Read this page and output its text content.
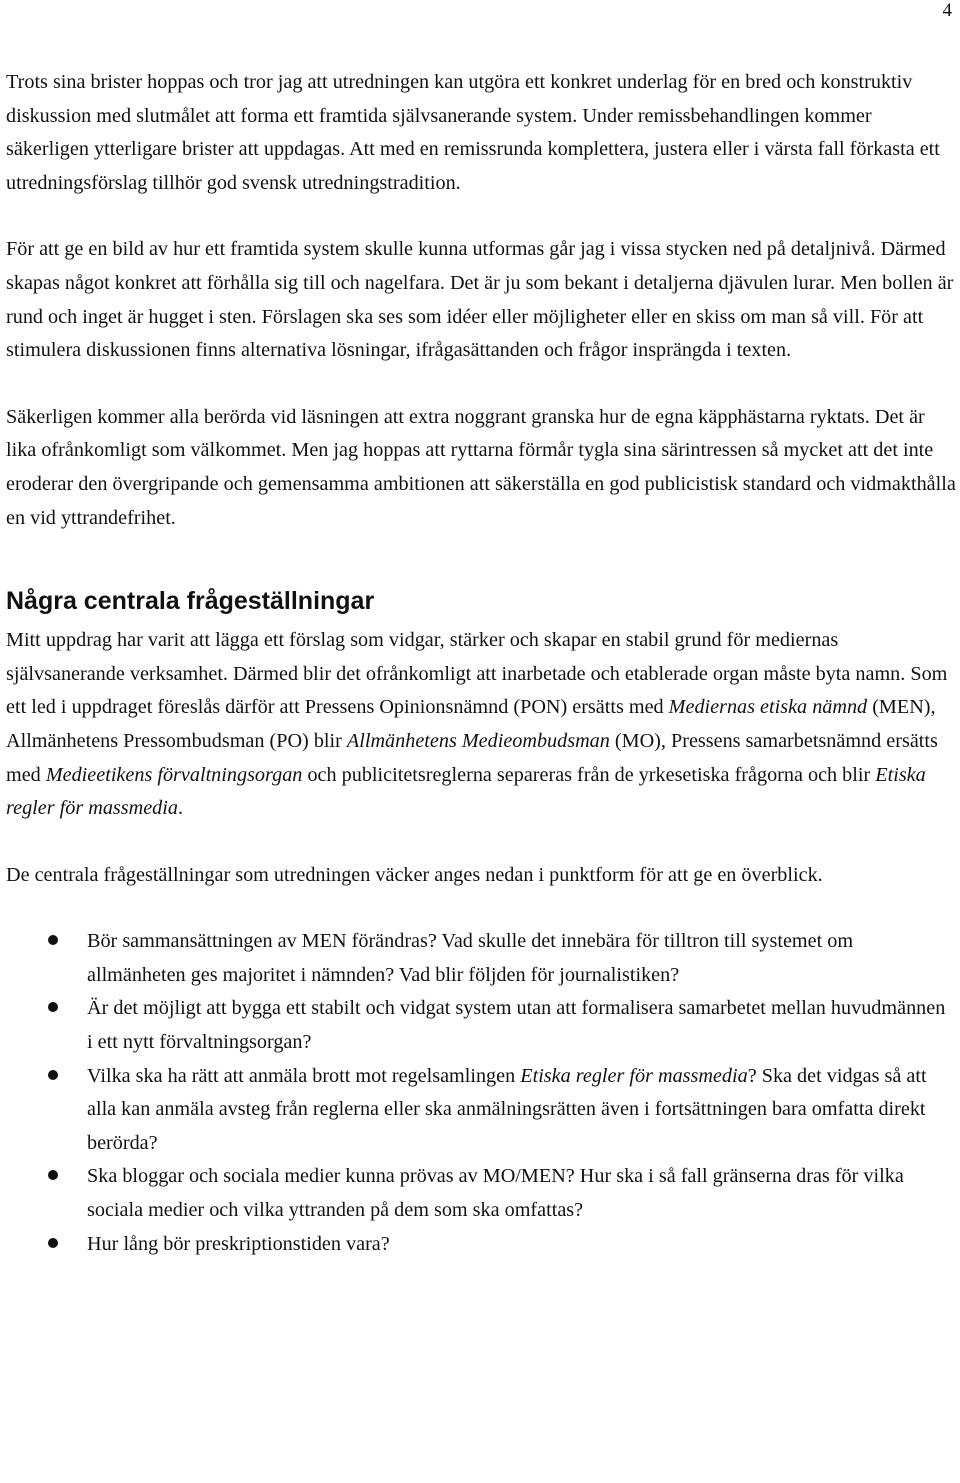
4

Trots sina brister hoppas och tror jag att utredningen kan utgöra ett konkret underlag för en bred och konstruktiv diskussion med slutmålet att forma ett framtida självsanerande system. Under remissbehandlingen kommer säkerligen ytterligare brister att uppdagas. Att med en remissrunda komplettera, justera eller i värsta fall förkasta ett utredningsförslag tillhör god svensk utredningstradition.

För att ge en bild av hur ett framtida system skulle kunna utformas går jag i vissa stycken ned på detaljnivå. Därmed skapas något konkret att förhålla sig till och nagelfara. Det är ju som bekant i detaljerna djävulen lurar. Men bollen är rund och inget är hugget i sten. Förslagen ska ses som idéer eller möjligheter eller en skiss om man så vill. För att stimulera diskussionen finns alternativa lösningar, ifrågasättanden och frågor insprängda i texten.

Säkerligen kommer alla berörda vid läsningen att extra noggrant granska hur de egna käpphästarna ryktats. Det är lika ofrånkomligt som välkommet. Men jag hoppas att ryttarna förmår tygla sina särintressen så mycket att det inte eroderar den övergripande och gemensamma ambitionen att säkerställa en god publicistisk standard och vidmakthålla en vid yttrandefrihet.

Några centrala frågeställningar

Mitt uppdrag har varit att lägga ett förslag som vidgar, stärker och skapar en stabil grund för mediernas självsanerande verksamhet. Därmed blir det ofrånkomligt att inarbetade och etablerade organ måste byta namn. Som ett led i uppdraget föreslås därför att Pressens Opinionsnämnd (PON) ersätts med Mediernas etiska nämnd (MEN), Allmänhetens Pressombudsman (PO) blir Allmänhetens Medieombudsman (MO), Pressens samarbetsnämnd ersätts med Medieetikens förvaltningsorgan och publicitetsreglerna separeras från de yrkesetiska frågorna och blir Etiska regler för massmedia.

De centrala frågeställningar som utredningen väcker anges nedan i punktform för att ge en överblick.

Bör sammansättningen av MEN förändras? Vad skulle det innebära för tilltron till systemet om allmänheten ges majoritet i nämnden? Vad blir följden för journalistiken?
Är det möjligt att bygga ett stabilt och vidgat system utan att formalisera samarbetet mellan huvudmännen i ett nytt förvaltningsorgan?
Vilka ska ha rätt att anmäla brott mot regelsamlingen Etiska regler för massmedia? Ska det vidgas så att alla kan anmäla avsteg från reglerna eller ska anmälningsrätten även i fortsättningen bara omfatta direkt berörda?
Ska bloggar och sociala medier kunna prövas av MO/MEN? Hur ska i så fall gränserna dras för vilka sociala medier och vilka yttranden på dem som ska omfattas?
Hur lång bör preskriptionstiden vara?
